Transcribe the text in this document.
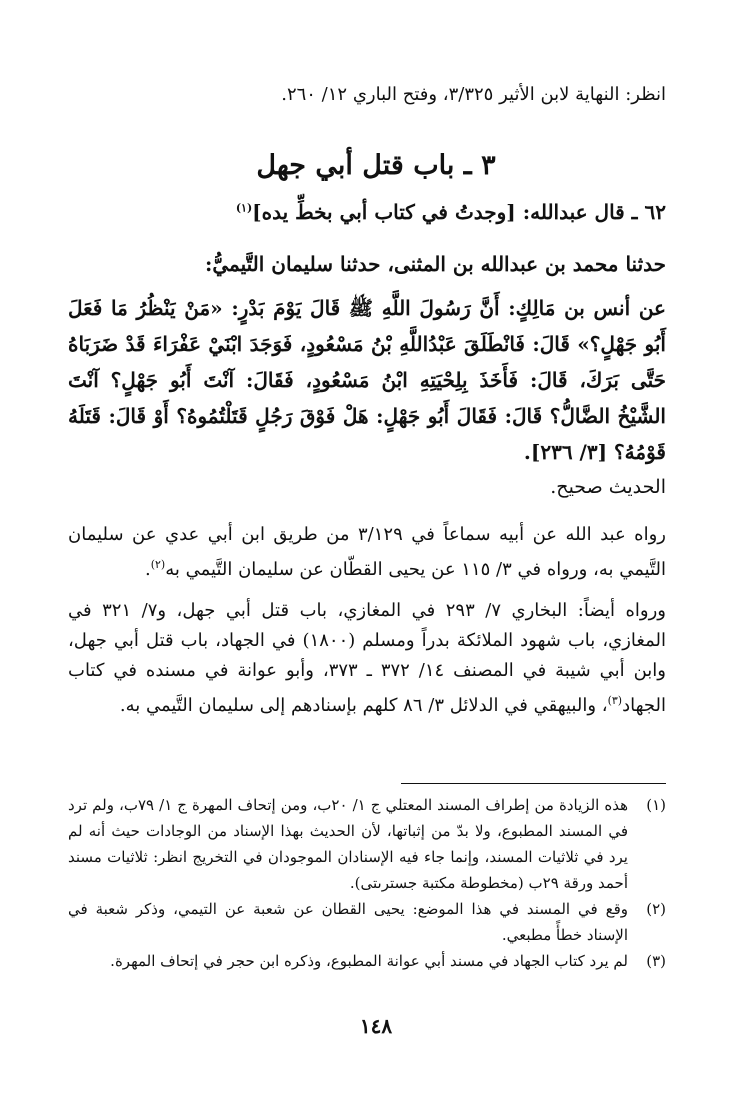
انظر: النهاية لابن الأثير ٣/٣٢٥، وفتح الباري ١٢/ ٢٦٠.
٣ ـ باب قتل أبي جهل
٦٢ ـ قال عبدالله: [وجدتُ في كتاب أبي بخطِّ يده]$^{(١)}$
حدثنا محمد بن عبدالله بن المثنى، حدثنا سليمان التَّيميُّ:
عن أنس بن مَالِكٍ: أَنَّ رَسُولَ اللَّهِ ﷺ قَالَ يَوْمَ بَدْرٍ: «مَنْ يَنْظُرُ مَا فَعَلَ أَبُو جَهْلٍ؟» قَالَ: فَانْطَلَقَ عَبْدُاللَّهِ بْنُ مَسْعُودٍ، فَوَجَدَ ابْنَيْ عَفْرَاءَ قَدْ ضَرَبَاهُ حَتَّى بَرَكَ، قَالَ: فَأَخَذَ بِلِحْيَتِهِ ابْنُ مَسْعُودٍ، فَقَالَ: آنْتَ أَبُو جَهْلٍ؟ آنْتَ الشَّيْخُ الضَّالُّ؟ قَالَ: فَقَالَ أَبُو جَهْلٍ: هَلْ فَوْقَ رَجُلٍ قَتَلْتُمُوهُ؟ أَوْ قَالَ: قَتَلَهُ قَوْمُهُ؟ [٣/ ٢٣٦].
الحديث صحيح.
رواه عبد الله عن أبيه سماعاً في ٣/١٢٩ من طريق ابن أبي عدي عن سليمان التَّيمي به، ورواه في ٣/ ١١٥ عن يحيى القطّان عن سليمان التَّيمي به$^{(٢)}$.
ورواه أيضاً: البخاري ٧/ ٢٩٣ في المغازي، باب قتل أبي جهل، و٧/ ٣٢١ في المغازي، باب شهود الملائكة بدراً ومسلم (١٨٠٠) في الجهاد، باب قتل أبي جهل، وابن أبي شيبة في المصنف ١٤/ ٣٧٢ ـ ٣٧٣، وأبو عوانة في مسنده في كتاب الجهاد$^{(٣)}$، والبيهقي في الدلائل ٣/ ٨٦ كلهم بإسنادهم إلى سليمان التَّيمي به.
(١)
هذه الزيادة من إطراف المسند المعتلي ج ١/ ٢٠ب، ومن إتحاف المهرة ج ١/ ٧٩ب، ولم ترد في المسند المطبوع، ولا بدّ من إثباتها، لأن الحديث بهذا الإسناد من الوجادات حيث أنه لم يرد في ثلاثيات المسند، وإنما جاء فيه الإسنادان الموجودان في التخريج انظر: ثلاثيات مسند أحمد ورقة ٢٩ب (مخطوطة مكتبة جسترىتى).
(٢)
وقع في المسند في هذا الموضع: يحيى القطان عن شعبة عن التيمي، وذكر شعبة في الإسناد خطأً مطبعي.
(٣)
لم يرد كتاب الجهاد في مسند أبي عوانة المطبوع، وذكره ابن حجر في إتحاف المهرة.
١٤٨
